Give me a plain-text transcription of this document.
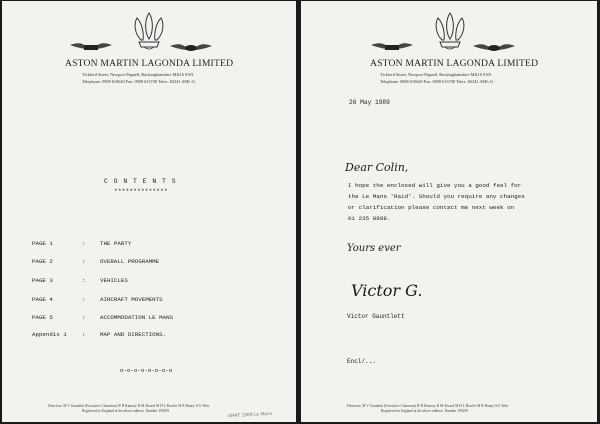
ASTON MARTIN LAGONDA LIMITED
Tickford Street, Newport Pagnell, Buckinghamshire MK16 9AN
Telephone: 0908 610620 Fax: 0908 613708 Telex: 82341 AML-G
C O N T E N T S
**************
PAGE 1	:	THE PARTY
PAGE 2	:	OVERALL PROGRAMME
PAGE 3	:	VEHICLES
PAGE 4	:	AIRCRAFT MOVEMENTS
PAGE 5	:	ACCOMMODATION LE MANS
Appendix 1	:	MAP AND DIRECTIONS.
o-o-o-o-o-o-o-o
Directors: M V Gauntlett (Executive Chairman) W R Ramsey R M Absard M H L Bowler M R Haney A G Weir
Registered in England at the above address. Number 199259
AMAT 1989 Le Mans
ASTON MARTIN LAGONDA LIMITED
Tickford Street, Newport Pagnell, Buckinghamshire MK16 9AN
Telephone: 0908 610620 Fax: 0908 613708 Telex: 82341 AML-G
26 May 1989
Dear Colin,
I hope the enclosed will give you a good feel for
the Le Mans 'Raid'. Should you require any changes
or clarification please contact me next week on
01 235 8888.
Yours ever
Victor G.
Victor Gauntlett
Encl/...
Directors: M V Gauntlett (Executive Chairman) W R Ramsey R M Absard M H L Bowler M R Haney A G Weir
Registered in England at the above address. Number 199259
